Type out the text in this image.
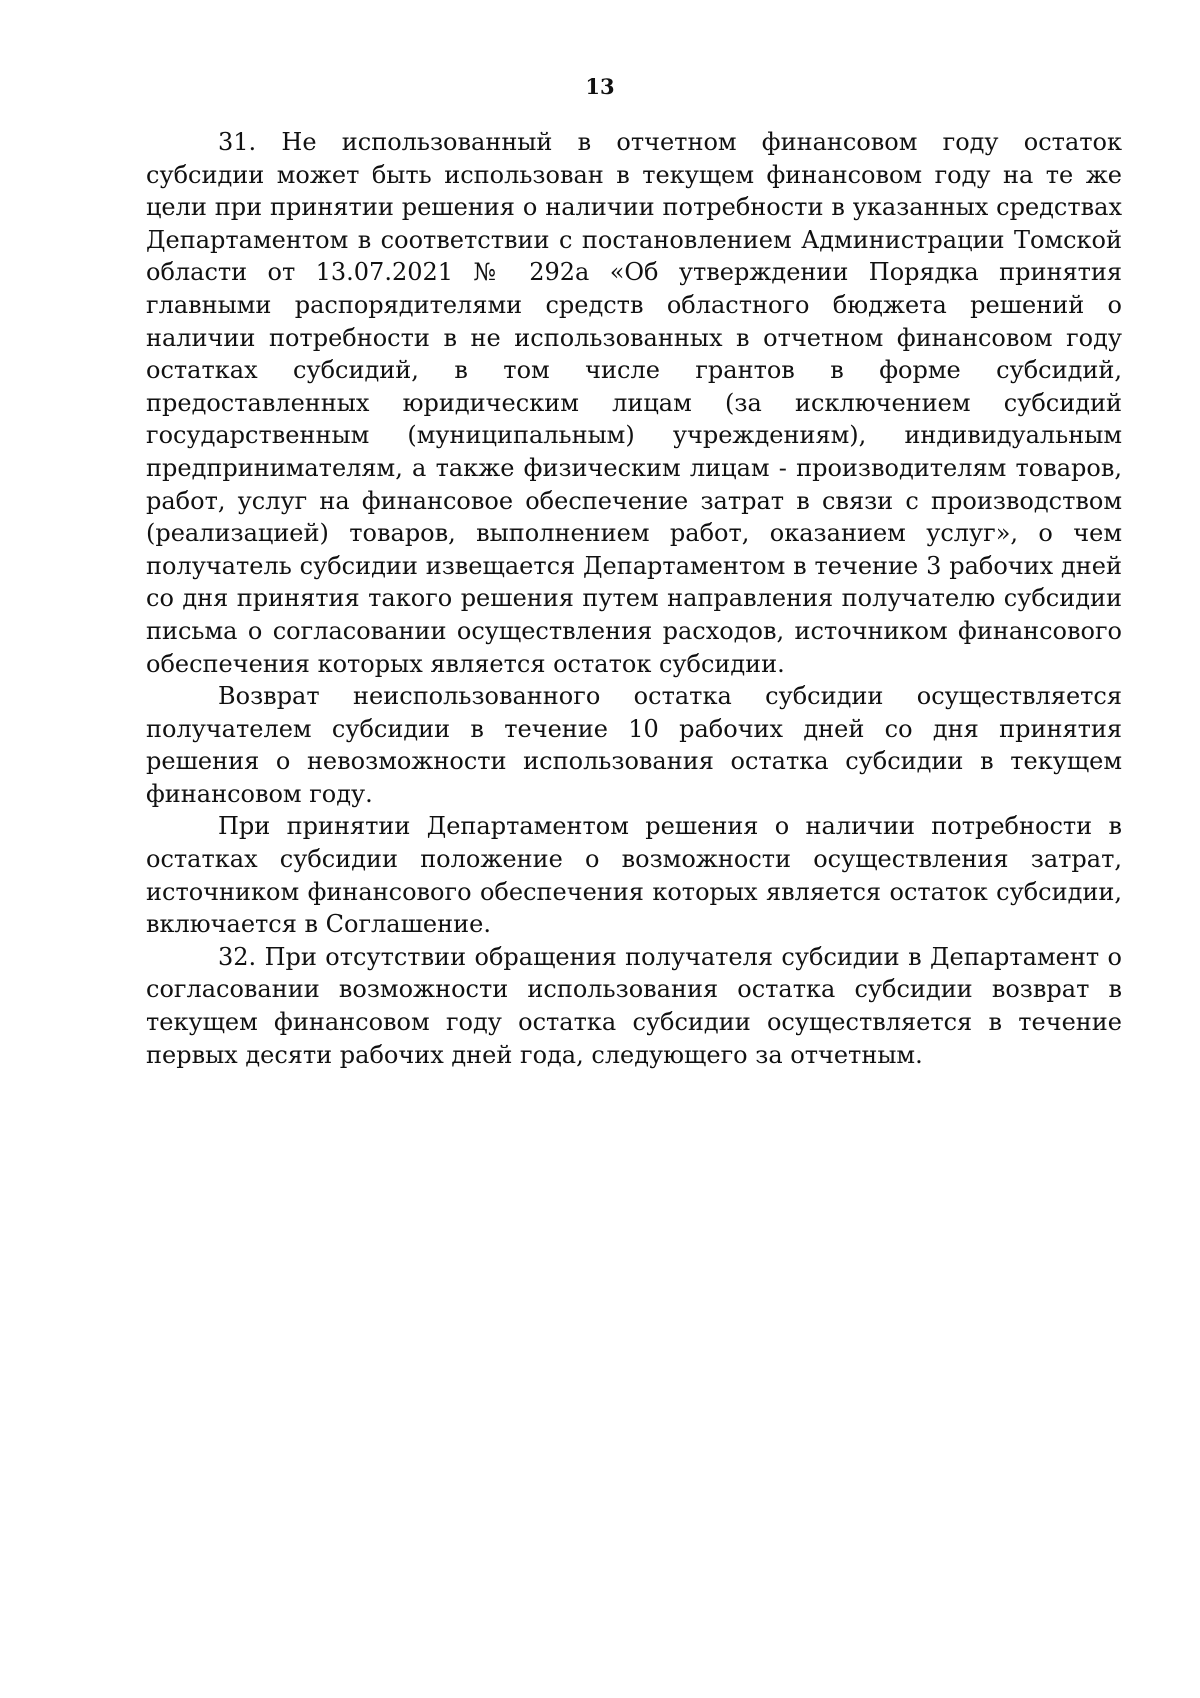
13

31. Не использованный в отчетном финансовом году остаток субсидии может быть использован в текущем финансовом году на те же цели при принятии решения о наличии потребности в указанных средствах Департаментом в соответствии с постановлением Администрации Томской области от 13.07.2021 № 292а «Об утверждении Порядка принятия главными распорядителями средств областного бюджета решений о наличии потребности в не использованных в отчетном финансовом году остатках субсидий, в том числе грантов в форме субсидий, предоставленных юридическим лицам (за исключением субсидий государственным (муниципальным) учреждениям), индивидуальным предпринимателям, а также физическим лицам - производителям товаров, работ, услуг на финансовое обеспечение затрат в связи с производством (реализацией) товаров, выполнением работ, оказанием услуг», о чем получатель субсидии извещается Департаментом в течение 3 рабочих дней со дня принятия такого решения путем направления получателю субсидии письма о согласовании осуществления расходов, источником финансового обеспечения которых является остаток субсидии.

Возврат неиспользованного остатка субсидии осуществляется получателем субсидии в течение 10 рабочих дней со дня принятия решения о невозможности использования остатка субсидии в текущем финансовом году.

При принятии Департаментом решения о наличии потребности в остатках субсидии положение о возможности осуществления затрат, источником финансового обеспечения которых является остаток субсидии, включается в Соглашение.

32. При отсутствии обращения получателя субсидии в Департамент о согласовании возможности использования остатка субсидии возврат в текущем финансовом году остатка субсидии осуществляется в течение первых десяти рабочих дней года, следующего за отчетным.
